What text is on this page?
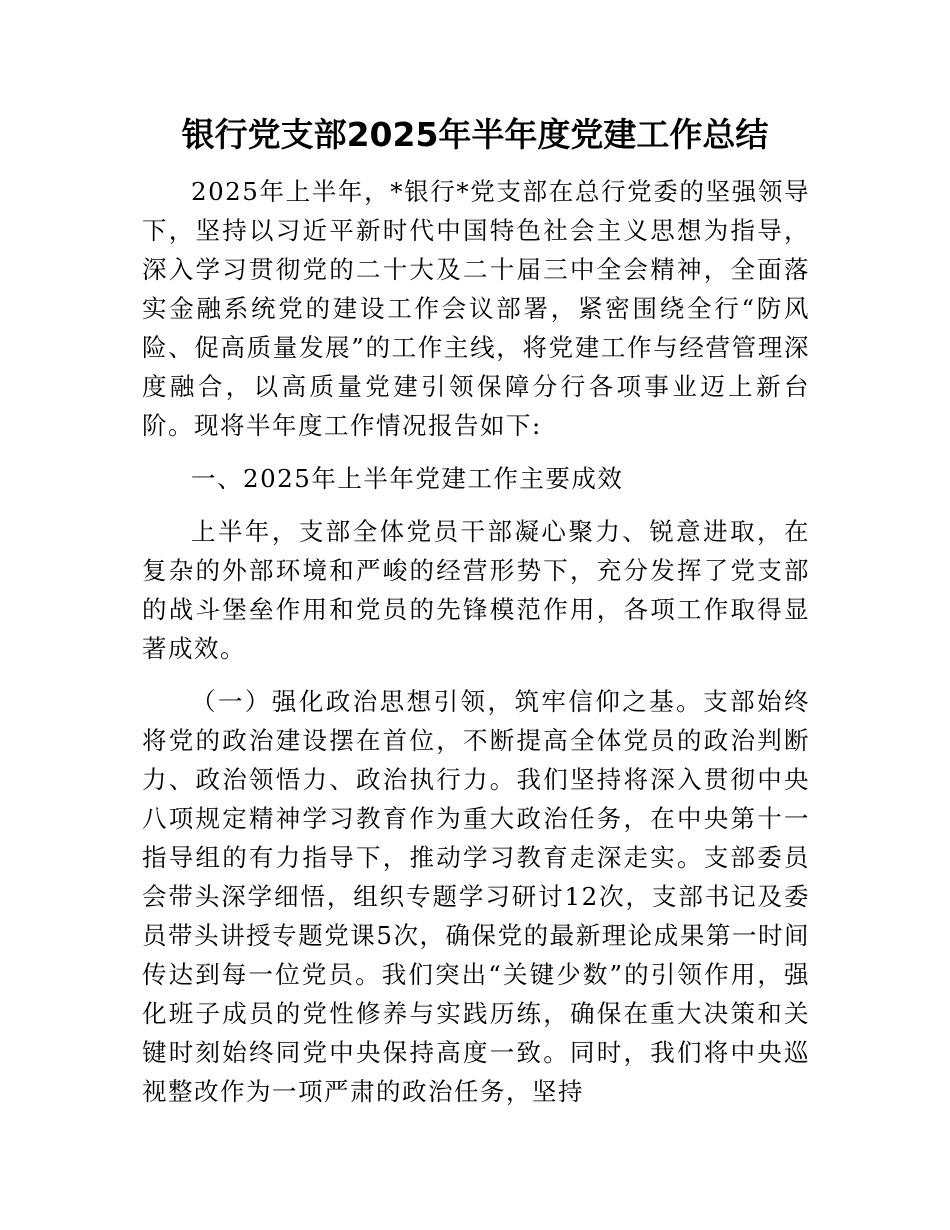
银行党支部2025年半年度党建工作总结

2025年上半年，*银行*党支部在总行党委的坚强领导下，坚持以习近平新时代中国特色社会主义思想为指导，深入学习贯彻党的二十大及二十届三中全会精神，全面落实金融系统党的建设工作会议部署，紧密围绕全行“防风险、促高质量发展”的工作主线，将党建工作与经营管理深度融合，以高质量党建引领保障分行各项事业迈上新台阶。现将半年度工作情况报告如下:

一、2025年上半年党建工作主要成效

上半年，支部全体党员干部凝心聚力、锐意进取，在复杂的外部环境和严峻的经营形势下，充分发挥了党支部的战斗堡垒作用和党员的先锋模范作用，各项工作取得显著成效。

（一）强化政治思想引领，筑牢信仰之基。支部始终将党的政治建设摆在首位，不断提高全体党员的政治判断力、政治领悟力、政治执行力。我们坚持将深入贯彻中央八项规定精神学习教育作为重大政治任务，在中央第十一指导组的有力指导下，推动学习教育走深走实。支部委员会带头深学细悟，组织专题学习研讨12次，支部书记及委员带头讲授专题党课5次，确保党的最新理论成果第一时间传达到每一位党员。我们突出“关键少数”的引领作用，强化班子成员的党性修养与实践历练，确保在重大决策和关键时刻始终同党中央保持高度一致。同时，我们将中央巡视整改作为一项严肃的政治任务，坚持
